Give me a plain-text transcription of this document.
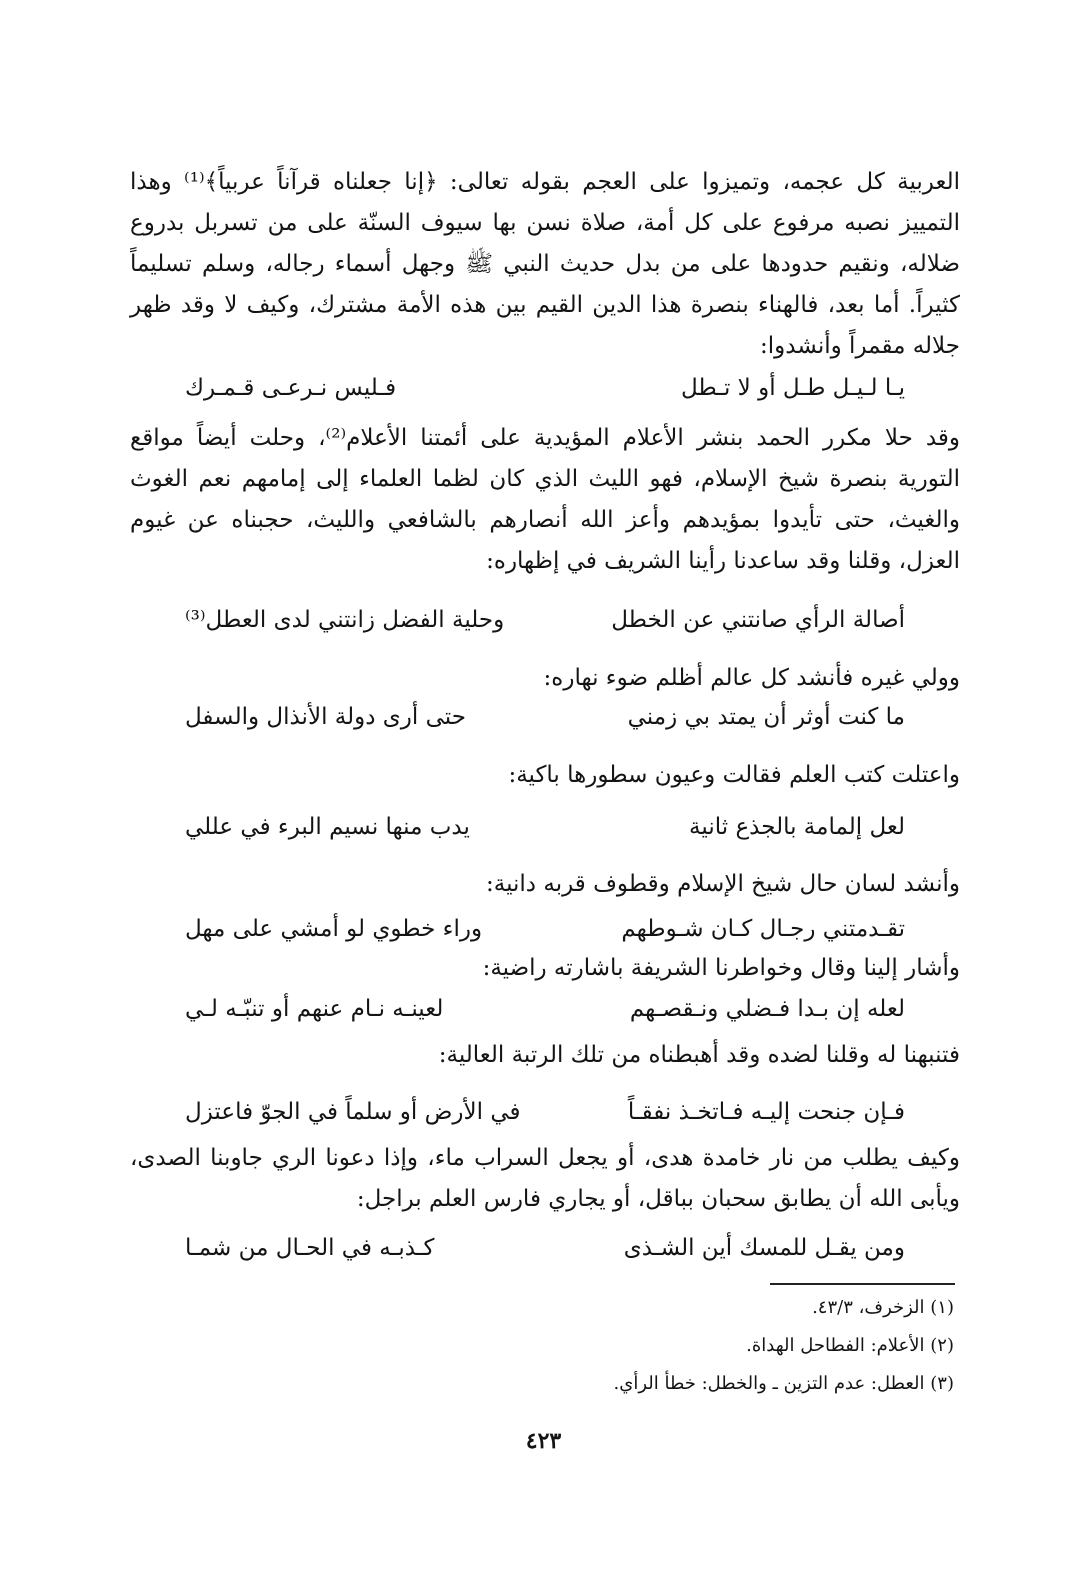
العربية كل عجمه، وتميزوا على العجم بقوله تعالى: ﴿إنا جعلناه قرآناً عربياً﴾⁽¹⁾ وهذا التمييز نصبه مرفوع على كل أمة، صلاة نسن بها سيوف السنّة على من تسربل بدروع ضلاله، ونقيم حدودها على من بدل حديث النبي ﷺ وجهل أسماء رجاله، وسلم تسليماً كثيراً. أما بعد، فالهناء بنصرة هذا الدين القيم بين هذه الأمة مشترك، وكيف لا وقد ظهر جلاله مقمراً وأنشدوا:

يـا لـيـل طـل أو لا تـطل
فـليس نـرعـى قـمـرك

وقد حلا مكرر الحمد بنشر الأعلام المؤيدية على أئمتنا الأعلام⁽²⁾، وحلت أيضاً مواقع التورية بنصرة شيخ الإسلام، فهو الليث الذي كان لظما العلماء إلى إمامهم نعم الغوث والغيث، حتى تأيدوا بمؤيدهم وأعز الله أنصارهم بالشافعي والليث، حجبناه عن غيوم العزل، وقلنا وقد ساعدنا رأينا الشريف في إظهاره:

أصالة الرأي صانتني عن الخطل
وحلية الفضل زانتني لدى العطل⁽³⁾

وولي غيره فأنشد كل عالم أظلم ضوء نهاره:

ما كنت أوثر أن يمتد بي زمني
حتى أرى دولة الأنذال والسفل

واعتلت كتب العلم فقالت وعيون سطورها باكية:

لعل إلمامة بالجذع ثانية
يدب منها نسيم البرء في عللي

وأنشد لسان حال شيخ الإسلام وقطوف قربه دانية:

تقـدمتني رجـال كـان شـوطهم
وراء خطوي لو أمشي على مهل

وأشار إلينا وقال وخواطرنا الشريفة باشارته راضية:

لعله إن بـدا فـضلي ونـقصـهم
لعينـه نـام عنهم أو تنبّـه لـي

فتنبهنا له وقلنا لضده وقد أهبطناه من تلك الرتبة العالية:

فـإن جنحت إليـه فـاتخـذ نفقـاً
في الأرض أو سلماً في الجوّ فاعتزل

وكيف يطلب من نار خامدة هدى، أو يجعل السراب ماء، وإذا دعونا الري جاوبنا الصدى، ويأبى الله أن يطابق سحبان بباقل، أو يجاري فارس العلم براجل:

ومن يقـل للمسك أين الشـذى
كـذبـه في الحـال من شمـا
(١) الزخرف، ٤٣/٣.
(٢) الأعلام: الفطاحل الهداة.
(٣) العطل: عدم التزين ـ والخطل: خطأ الرأي.
٤٢٣
